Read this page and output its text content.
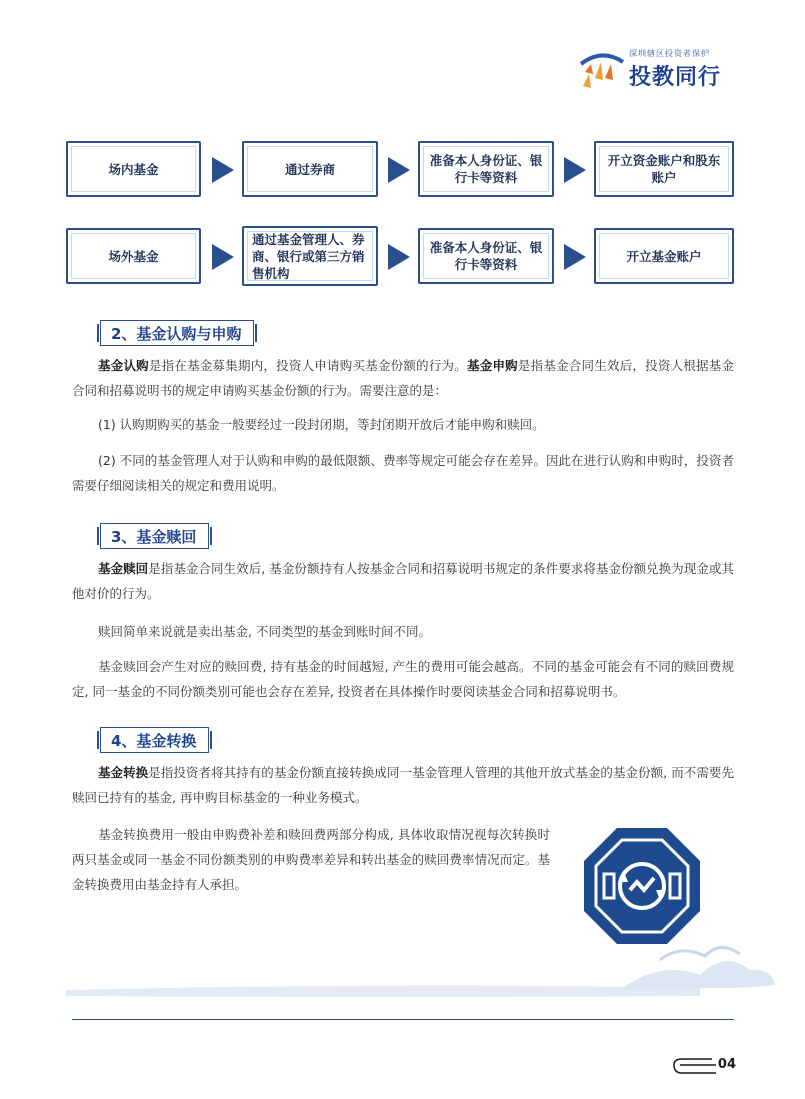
深圳辖区投资者保护
投教同行
场内基金	通过券商
准备本人身份证、银行卡等资料
开立资金账户和股东账户
场外基金
通过基金管理人、券商、银行或第三方销售机构
准备本人身份证、银行卡等资料
开立基金账户
2、基金认购与申购
基金认购是指在基金募集期内，投资人申请购买基金份额的行为。基金申购是指基金合同生效后，投资人根据基金合同和招募说明书的规定申请购买基金份额的行为。需要注意的是：
(1) 认购期购买的基金一般要经过一段封闭期，等封闭期开放后才能申购和赎回。
(2) 不同的基金管理人对于认购和申购的最低限额、费率等规定可能会存在差异。因此在进行认购和申购时，投资者需要仔细阅读相关的规定和费用说明。
3、基金赎回
基金赎回是指基金合同生效后, 基金份额持有人按基金合同和招募说明书规定的条件要求将基金份额兑换为现金或其他对价的行为。
赎回简单来说就是卖出基金, 不同类型的基金到账时间不同。
基金赎回会产生对应的赎回费, 持有基金的时间越短, 产生的费用可能会越高。不同的基金可能会有不同的赎回费规定, 同一基金的不同份额类别可能也会存在差异, 投资者在具体操作时要阅读基金合同和招募说明书。
4、基金转换
基金转换是指投资者将其持有的基金份额直接转换成同一基金管理人管理的其他开放式基金的基金份额, 而不需要先赎回已持有的基金, 再申购目标基金的一种业务模式。
基金转换费用一般由申购费补差和赎回费两部分构成, 具体收取情况视每次转换时两只基金或同一基金不同份额类别的申购费率差异和转出基金的赎回费率情况而定。基金转换费用由基金持有人承担。
04
